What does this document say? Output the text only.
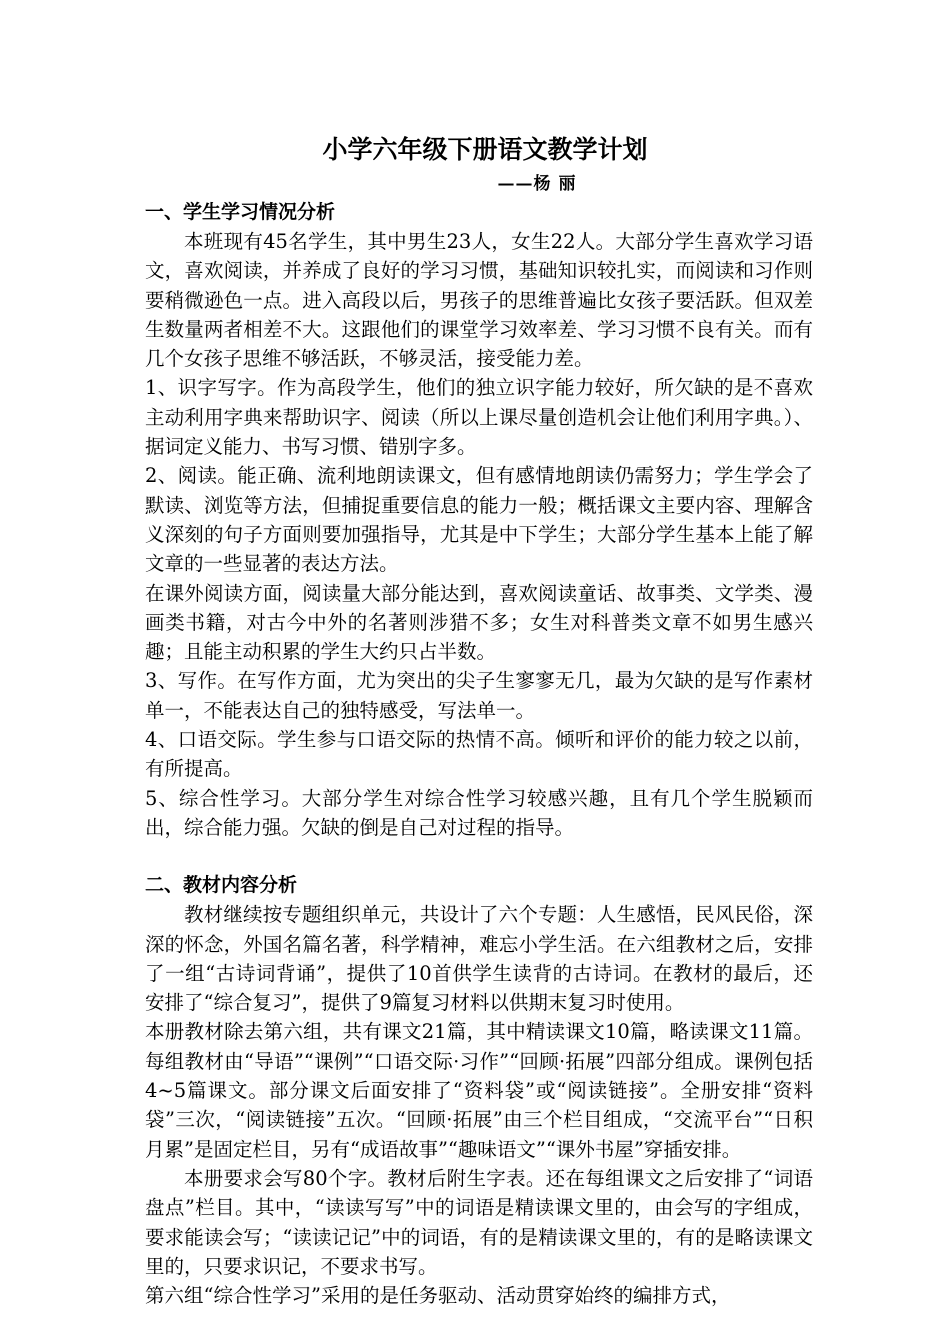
小学六年级下册语文教学计划

——杨 丽

一、学生学习情况分析

本班现有45名学生，其中男生23人，女生22人。大部分学生喜欢学习语文，喜欢阅读，并养成了良好的学习习惯，基础知识较扎实，而阅读和习作则要稍微逊色一点。进入高段以后，男孩子的思维普遍比女孩子要活跃。但双差生数量两者相差不大。这跟他们的课堂学习效率差、学习习惯不良有关。而有几个女孩子思维不够活跃，不够灵活，接受能力差。

1、识字写字。作为高段学生，他们的独立识字能力较好，所欠缺的是不喜欢主动利用字典来帮助识字、阅读（所以上课尽量创造机会让他们利用字典。）、据词定义能力、书写习惯、错别字多。

2、阅读。能正确、流利地朗读课文，但有感情地朗读仍需努力；学生学会了默读、浏览等方法，但捕捉重要信息的能力一般；概括课文主要内容、理解含义深刻的句子方面则要加强指导，尤其是中下学生；大部分学生基本上能了解文章的一些显著的表达方法。

在课外阅读方面，阅读量大部分能达到，喜欢阅读童话、故事类、文学类、漫画类书籍，对古今中外的名著则涉猎不多；女生对科普类文章不如男生感兴趣；且能主动积累的学生大约只占半数。

3、写作。在写作方面，尤为突出的尖子生寥寥无几，最为欠缺的是写作素材单一，不能表达自己的独特感受，写法单一。

4、口语交际。学生参与口语交际的热情不高。倾听和评价的能力较之以前，有所提高。

5、综合性学习。大部分学生对综合性学习较感兴趣，且有几个学生脱颖而出，综合能力强。欠缺的倒是自己对过程的指导。

二、教材内容分析

教材继续按专题组织单元，共设计了六个专题：人生感悟，民风民俗，深深的怀念，外国名篇名著，科学精神，难忘小学生活。在六组教材之后，安排了一组“古诗词背诵”，提供了10首供学生读背的古诗词。在教材的最后，还安排了“综合复习”，提供了9篇复习材料以供期末复习时使用。

本册教材除去第六组，共有课文21篇，其中精读课文10篇，略读课文11篇。每组教材由“导语”“课例”“口语交际·习作”“回顾·拓展”四部分组成。课例包括4~5篇课文。部分课文后面安排了“资料袋”或“阅读链接”。全册安排“资料袋”三次，“阅读链接”五次。“回顾·拓展”由三个栏目组成，“交流平台”“日积月累”是固定栏目，另有“成语故事”“趣味语文”“课外书屋”穿插安排。

本册要求会写80个字。教材后附生字表。还在每组课文之后安排了“词语盘点”栏目。其中，“读读写写”中的词语是精读课文里的，由会写的字组成，要求能读会写；“读读记记”中的词语，有的是精读课文里的，有的是略读课文里的，只要求识记，不要求书写。

第六组“综合性学习”采用的是任务驱动、活动贯穿始终的编排方式，
